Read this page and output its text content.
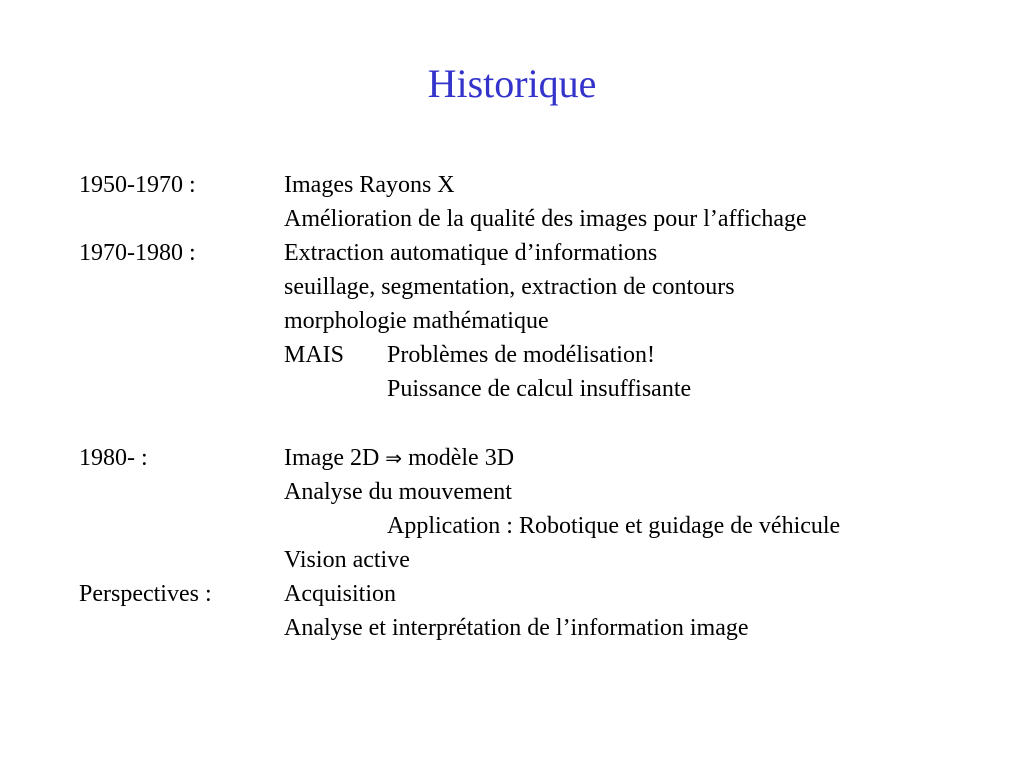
Historique
1950-1970 :	Images Rayons X
Amélioration de la qualité des images pour l’affichage
1970-1980 :	Extraction automatique d’informations
seuillage, segmentation, extraction de contours
morphologie mathématique
MAIS Problèmes de modélisation!
Puissance de calcul insuffisante
1980- :	Image 2D ⇒ modèle 3D
Analyse du mouvement
Application : Robotique et guidage de véhicule
Vision active
Perspectives :	Acquisition
Analyse et interprétation de l’information image
